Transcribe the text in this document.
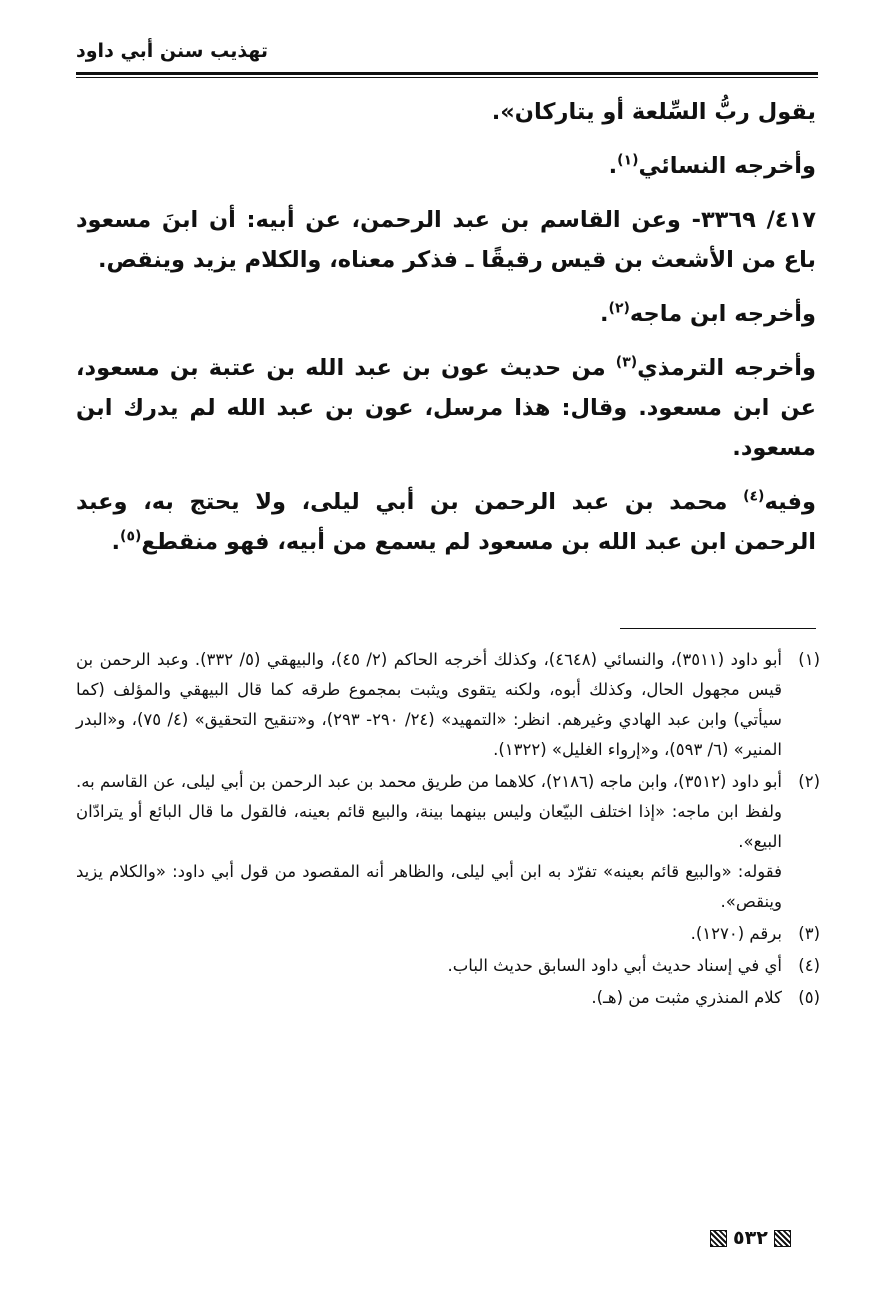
تهذيب سنن أبي داود

يقول ربُّ السِّلعة أو يتاركان».

وأخرجه النسائي$^{(١)}$.

٤١٧/ ٣٣٦٩- وعن القاسم بن عبد الرحمن، عن أبيه: أن ابنَ مسعود باع من الأشعث بن قيس رقيقًا ـ فذكر معناه، والكلام يزيد وينقص.

وأخرجه ابن ماجه$^{(٢)}$.

وأخرجه الترمذي$^{(٣)}$ من حديث عون بن عبد الله بن عتبة بن مسعود، عن ابن مسعود. وقال: هذا مرسل، عون بن عبد الله لم يدرك ابن مسعود.

وفيه$^{(٤)}$ محمد بن عبد الرحمن بن أبي ليلى، ولا يحتج به، وعبد الرحمن ابن عبد الله بن مسعود لم يسمع من أبيه، فهو منقطع$^{(٥)}$.

(١)

أبو داود (٣٥١١)، والنسائي (٤٦٤٨)، وكذلك أخرجه الحاكم (٢/ ٤٥)، والبيهقي (٥/ ٣٣٢). وعبد الرحمن بن قيس مجهول الحال، وكذلك أبوه، ولكنه يتقوى ويثبت بمجموع طرقه كما قال البيهقي والمؤلف (كما سيأتي) وابن عبد الهادي وغيرهم. انظر: «التمهيد» (٢٤/ ٢٩٠- ٢٩٣)، و«تنقيح التحقيق» (٤/ ٧٥)، و«البدر المنير» (٦/ ٥٩٣)، و«إرواء الغليل» (١٣٢٢).

(٢)

أبو داود (٣٥١٢)، وابن ماجه (٢١٨٦)، كلاهما من طريق محمد بن عبد الرحمن بن أبي ليلى، عن القاسم به. ولفظ ابن ماجه: «إذا اختلف البيّعان وليس بينهما بينة، والبيع قائم بعينه، فالقول ما قال البائع أو يترادّان البيع».

فقوله: «والبيع قائم بعينه» تفرّد به ابن أبي ليلى، والظاهر أنه المقصود من قول أبي داود: «والكلام يزيد وينقص».

(٣)

برقم (١٢٧٠).

(٤)

أي في إسناد حديث أبي داود السابق حديث الباب.

(٥)

كلام المنذري مثبت من (هـ).

٥٣٢
